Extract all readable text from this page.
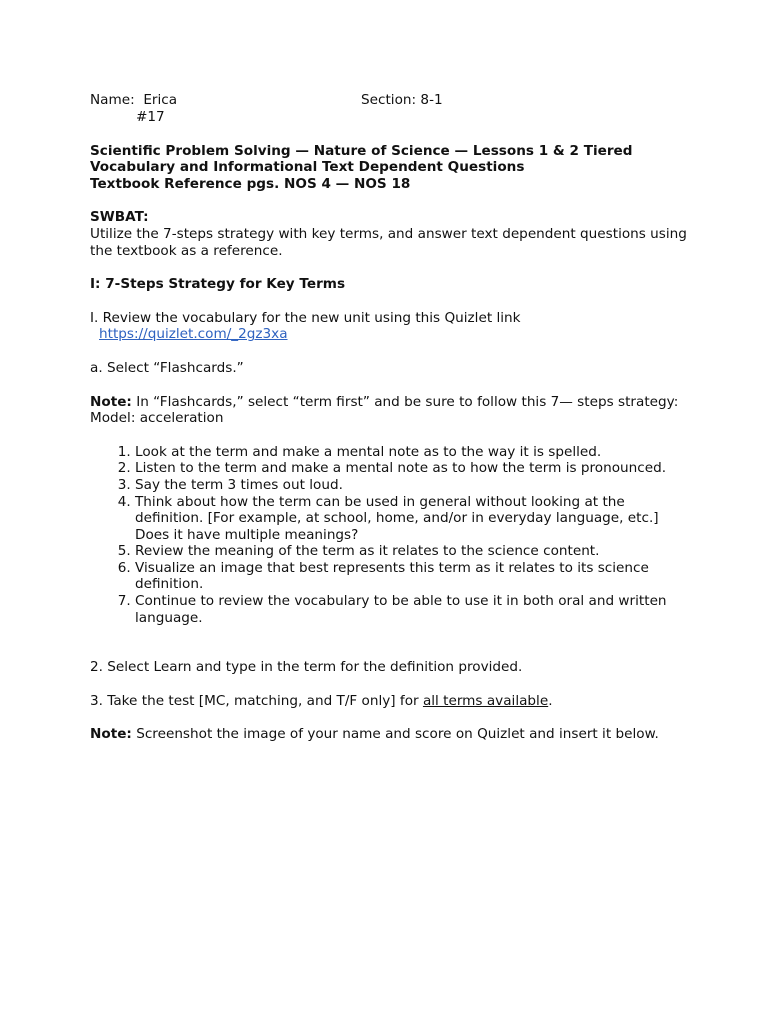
Name: Erica	Section: 8-1
#17
Scientific Problem Solving — Nature of Science — Lessons 1 & 2 Tiered
Vocabulary and Informational Text Dependent Questions
Textbook Reference pgs. NOS 4 — NOS 18
SWBAT:
Utilize the 7-steps strategy with key terms, and answer text dependent questions using the textbook as a reference.
I: 7-Steps Strategy for Key Terms
I. Review the vocabulary for the new unit using this Quizlet link
https://quizlet.com/_2gz3xa
a. Select “Flashcards.”
Note: In “Flashcards,” select “term first” and be sure to follow this 7— steps strategy:
Model: acceleration
1. Look at the term and make a mental note as to the way it is spelled.
2. Listen to the term and make a mental note as to how the term is pronounced.
3. Say the term 3 times out loud.
4. Think about how the term can be used in general without looking at the definition. [For example, at school, home, and/or in everyday language, etc.] Does it have multiple meanings?
5. Review the meaning of the term as it relates to the science content.
6. Visualize an image that best represents this term as it relates to its science definition.
7. Continue to review the vocabulary to be able to use it in both oral and written language.
2. Select Learn and type in the term for the definition provided.
3. Take the test [MC, matching, and T/F only] for all terms available.
Note: Screenshot the image of your name and score on Quizlet and insert it below.
